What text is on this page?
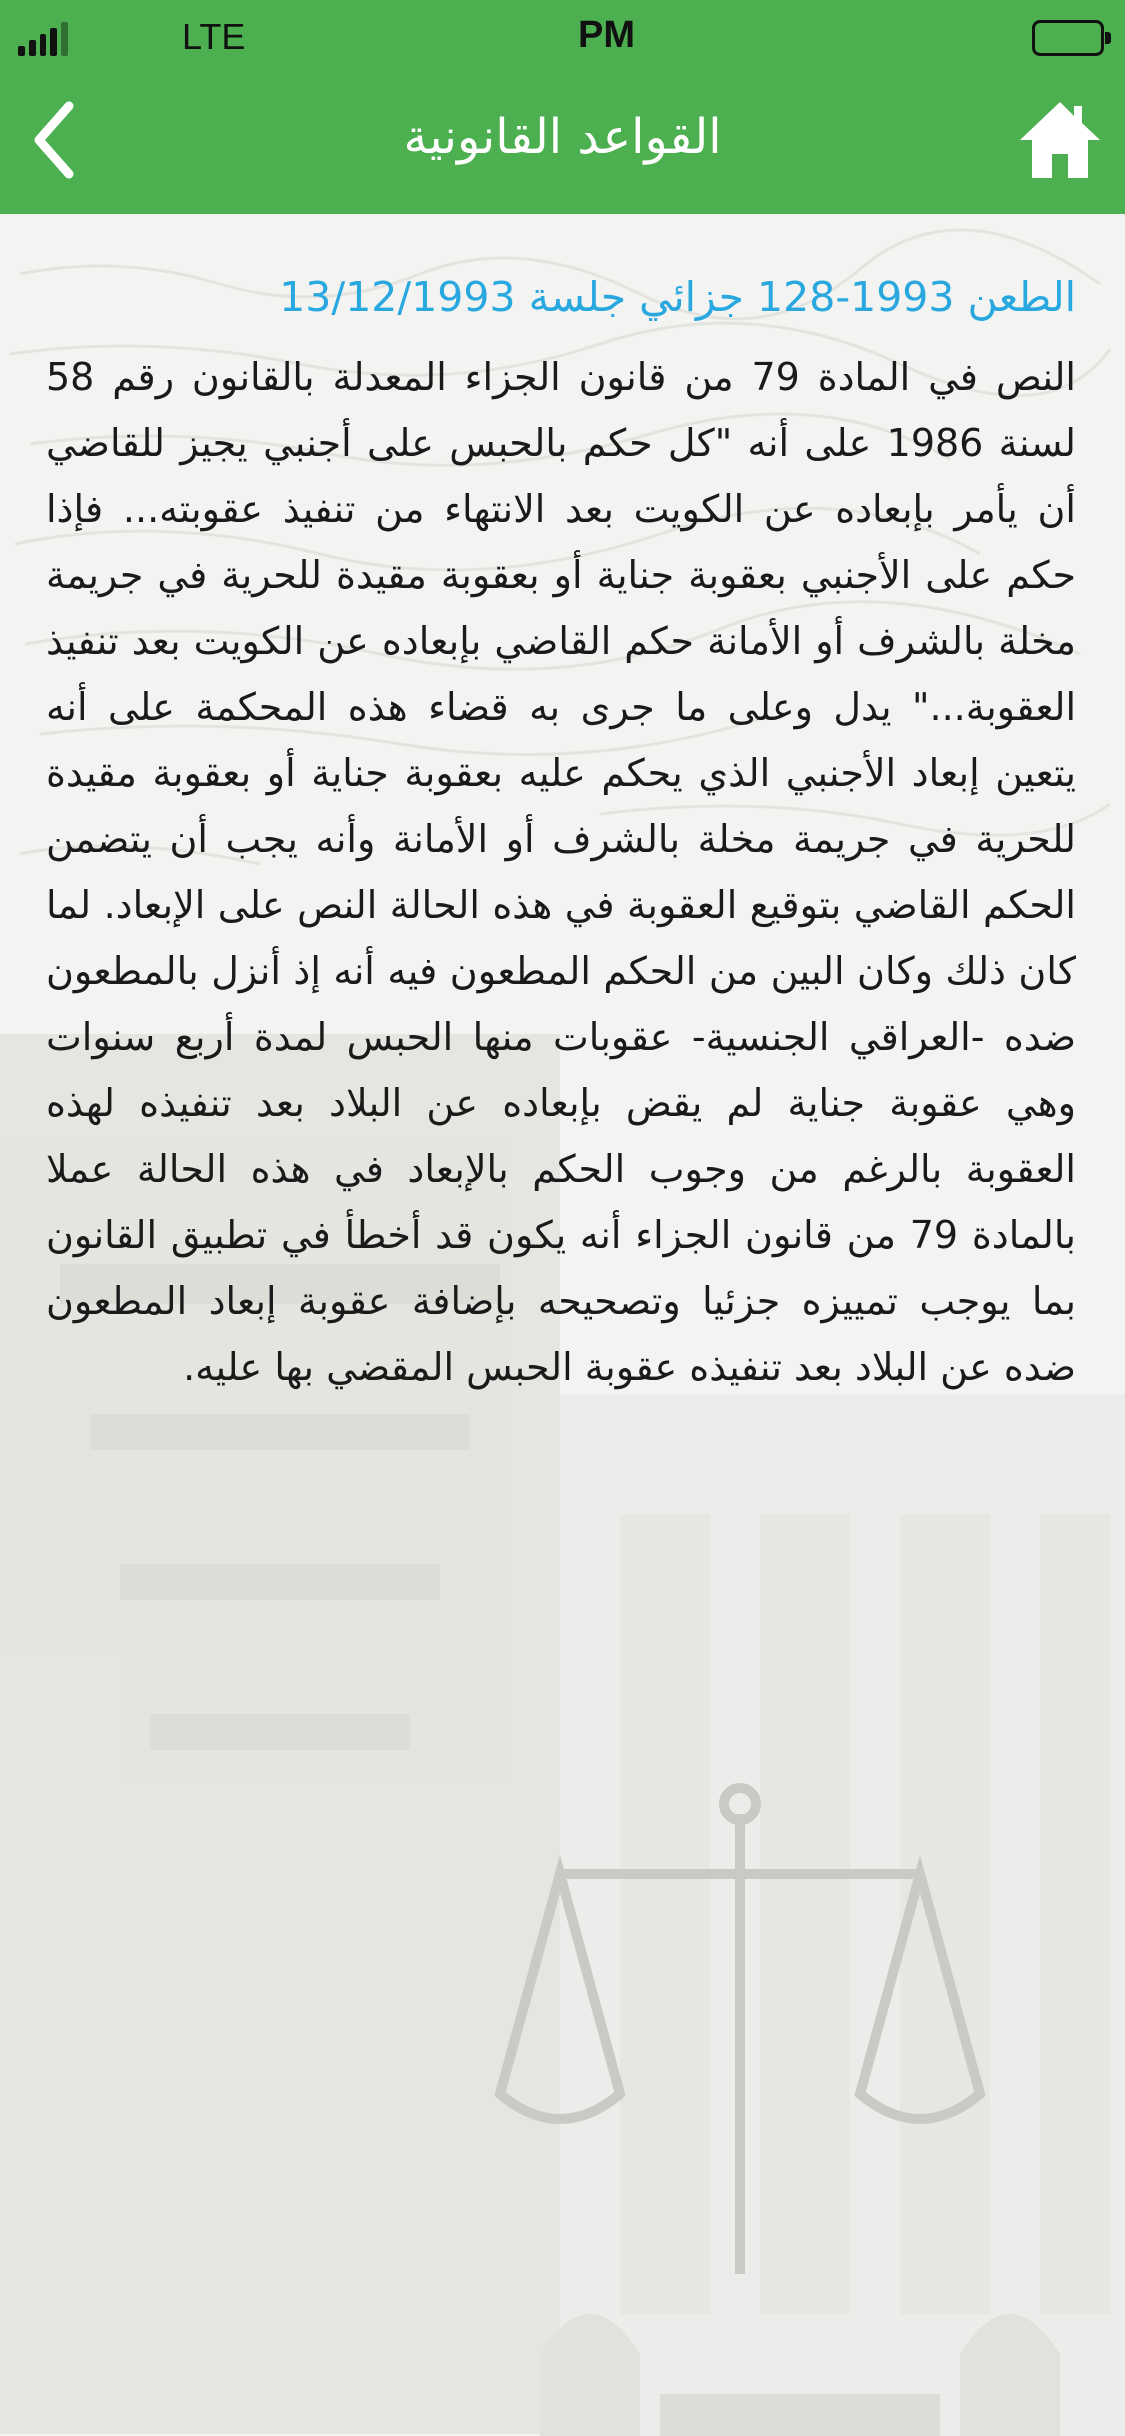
LTE	PM
القواعد القانونية
الطعن 1993-128 جزائي جلسة 13/12/1993
النص في المادة 79 من قانون الجزاء المعدلة بالقانون رقم 58 لسنة 1986 على أنه "كل حكم بالحبس على أجنبي يجيز للقاضي أن يأمر بإبعاده عن الكويت بعد الانتهاء من تنفيذ عقوبته... فإذا حكم على الأجنبي بعقوبة جناية أو بعقوبة مقيدة للحرية في جريمة مخلة بالشرف أو الأمانة حكم القاضي بإبعاده عن الكويت بعد تنفيذ العقوبة..." يدل وعلى ما جرى به قضاء هذه المحكمة على أنه يتعين إبعاد الأجنبي الذي يحكم عليه بعقوبة جناية أو بعقوبة مقيدة للحرية في جريمة مخلة بالشرف أو الأمانة وأنه يجب أن يتضمن الحكم القاضي بتوقيع العقوبة في هذه الحالة النص على الإبعاد. لما كان ذلك وكان البين من الحكم المطعون فيه أنه إذ أنزل بالمطعون ضده -العراقي الجنسية- عقوبات منها الحبس لمدة أربع سنوات وهي عقوبة جناية لم يقض بإبعاده عن البلاد بعد تنفيذه لهذه العقوبة بالرغم من وجوب الحكم بالإبعاد في هذه الحالة عملا بالمادة 79 من قانون الجزاء أنه يكون قد أخطأ في تطبيق القانون بما يوجب تمييزه جزئيا وتصحيحه بإضافة عقوبة إبعاد المطعون ضده عن البلاد بعد تنفيذه عقوبة الحبس المقضي بها عليه.
